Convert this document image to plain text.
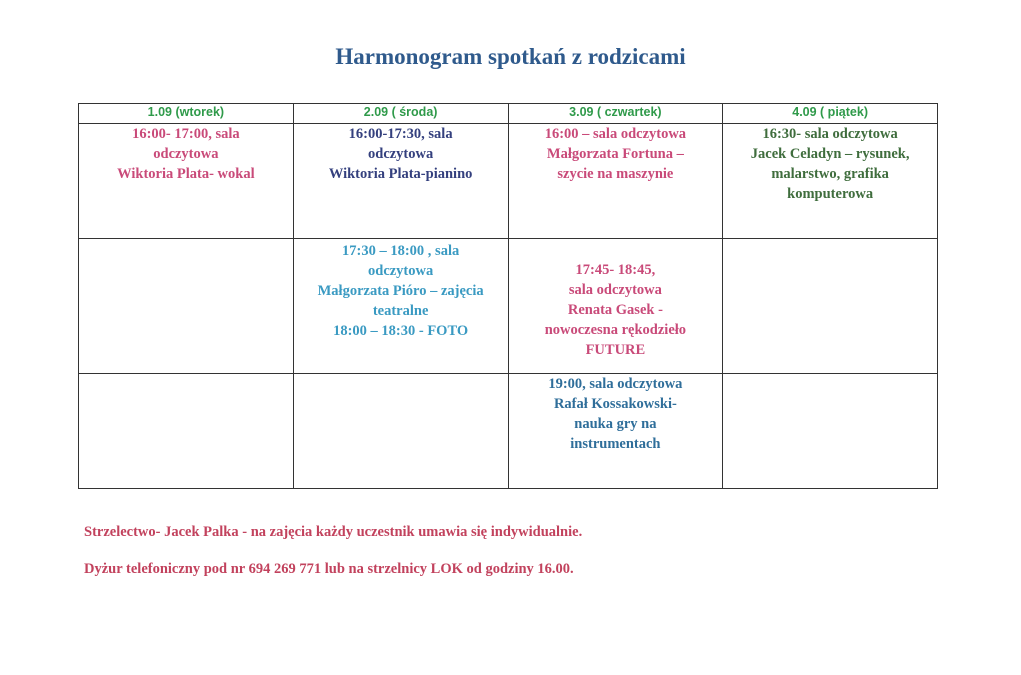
Harmonogram spotkań z rodzicami
1.09 (wtorek)	2.09 ( środa)	3.09 ( czwartek)	4.09 ( piątek)

16:00- 17:00, sala
odczytowa
Wiktoria Plata- wokal	16:00-17:30, sala
odczytowa
Wiktoria Plata-pianino	16:00 – sala odczytowa
Małgorzata Fortuna –
szycie na maszynie	16:30- sala odczytowa
Jacek Celadyn – rysunek,
malarstwo, grafika
komputerowa

	17:30 – 18:00 , sala
odczytowa
Małgorzata Pióro – zajęcia
teatralne
18:00 – 18:30 - FOTO	17:45- 18:45,
sala odczytowa
Renata Gasek -
nowoczesna rękodzieło
FUTURE	

		19:00, sala odczytowa
Rafał Kossakowski-
nauka gry na
instrumentach	

Strzelectwo- Jacek Palka - na zajęcia każdy uczestnik umawia się indywidualnie.
Dyżur telefoniczny pod nr 694 269 771 lub na strzelnicy LOK od godziny 16.00.
